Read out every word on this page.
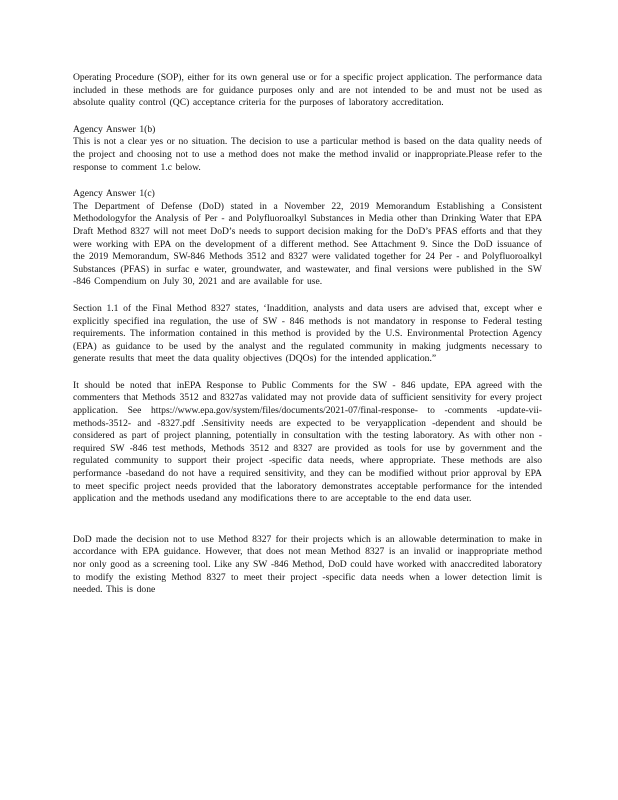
Operating Procedure (SOP), either for its own general use or for a specific project application. The performance data included in these methods are for guidance purposes only and are not intended to be and must not be used as absolute quality control (QC) acceptance criteria for the purposes of laboratory accreditation.

Agency Answer 1(b)

This is not a clear yes or no situation. The decision to use a particular method is based on the data quality needs of the project and choosing not to use a method does not make the method invalid or inappropriate.Please refer to the response to comment 1.c below.

Agency Answer 1(c)

The Department of Defense (DoD) stated in a November 22, 2019 Memorandum Establishing a Consistent Methodologyfor the Analysis of Per - and Polyfluoroalkyl Substances in Media other than Drinking Water that EPA Draft Method 8327 will not meet DoD’s needs to support decision making for the DoD’s PFAS efforts and that they were working with EPA on the development of a different method. See Attachment 9. Since the DoD issuance of the 2019 Memorandum, SW-846 Methods 3512 and 8327 were validated together for 24 Per - and Polyfluoroalkyl Substances (PFAS) in surfac e water, groundwater, and wastewater, and final versions were published in the SW -846 Compendium on July 30, 2021 and are available for use.

Section 1.1 of the Final Method 8327 states, ‘Inaddition, analysts and data users are advised that, except wher e explicitly specified ina regulation, the use of SW - 846 methods is not mandatory in response to Federal testing requirements. The information contained in this method is provided by the U.S. Environmental Protection Agency (EPA) as guidance to be used by the analyst and the regulated community in making judgments necessary to generate results that meet the data quality objectives (DQOs) for the intended application.”

It should be noted that inEPA Response to Public Comments for the SW - 846 update, EPA agreed with the commenters that Methods 3512 and 8327as validated may not provide data of sufficient sensitivity for every project application. See https://www.epa.gov/system/files/documents/2021-07/final-response- to -comments -update-vii-methods-3512- and -8327.pdf .Sensitivity needs are expected to be veryapplication -dependent and should be considered as part of project planning, potentially in consultation with the testing laboratory. As with other non -required SW -846 test methods, Methods 3512 and 8327 are provided as tools for use by government and the regulated community to support their project -specific data needs, where appropriate. These methods are also performance -basedand do not have a required sensitivity, and they can be modified without prior approval by EPA to meet specific project needs provided that the laboratory demonstrates acceptable performance for the intended application and the methods usedand any modifications there to are acceptable to the end data user.

DoD made the decision not to use Method 8327 for their projects which is an allowable determination to make in accordance with EPA guidance. However, that does not mean Method 8327 is an invalid or inappropriate method nor only good as a screening tool. Like any SW -846 Method, DoD could have worked with anaccredited laboratory to modify the existing Method 8327 to meet their project -specific data needs when a lower detection limit is needed. This is done
